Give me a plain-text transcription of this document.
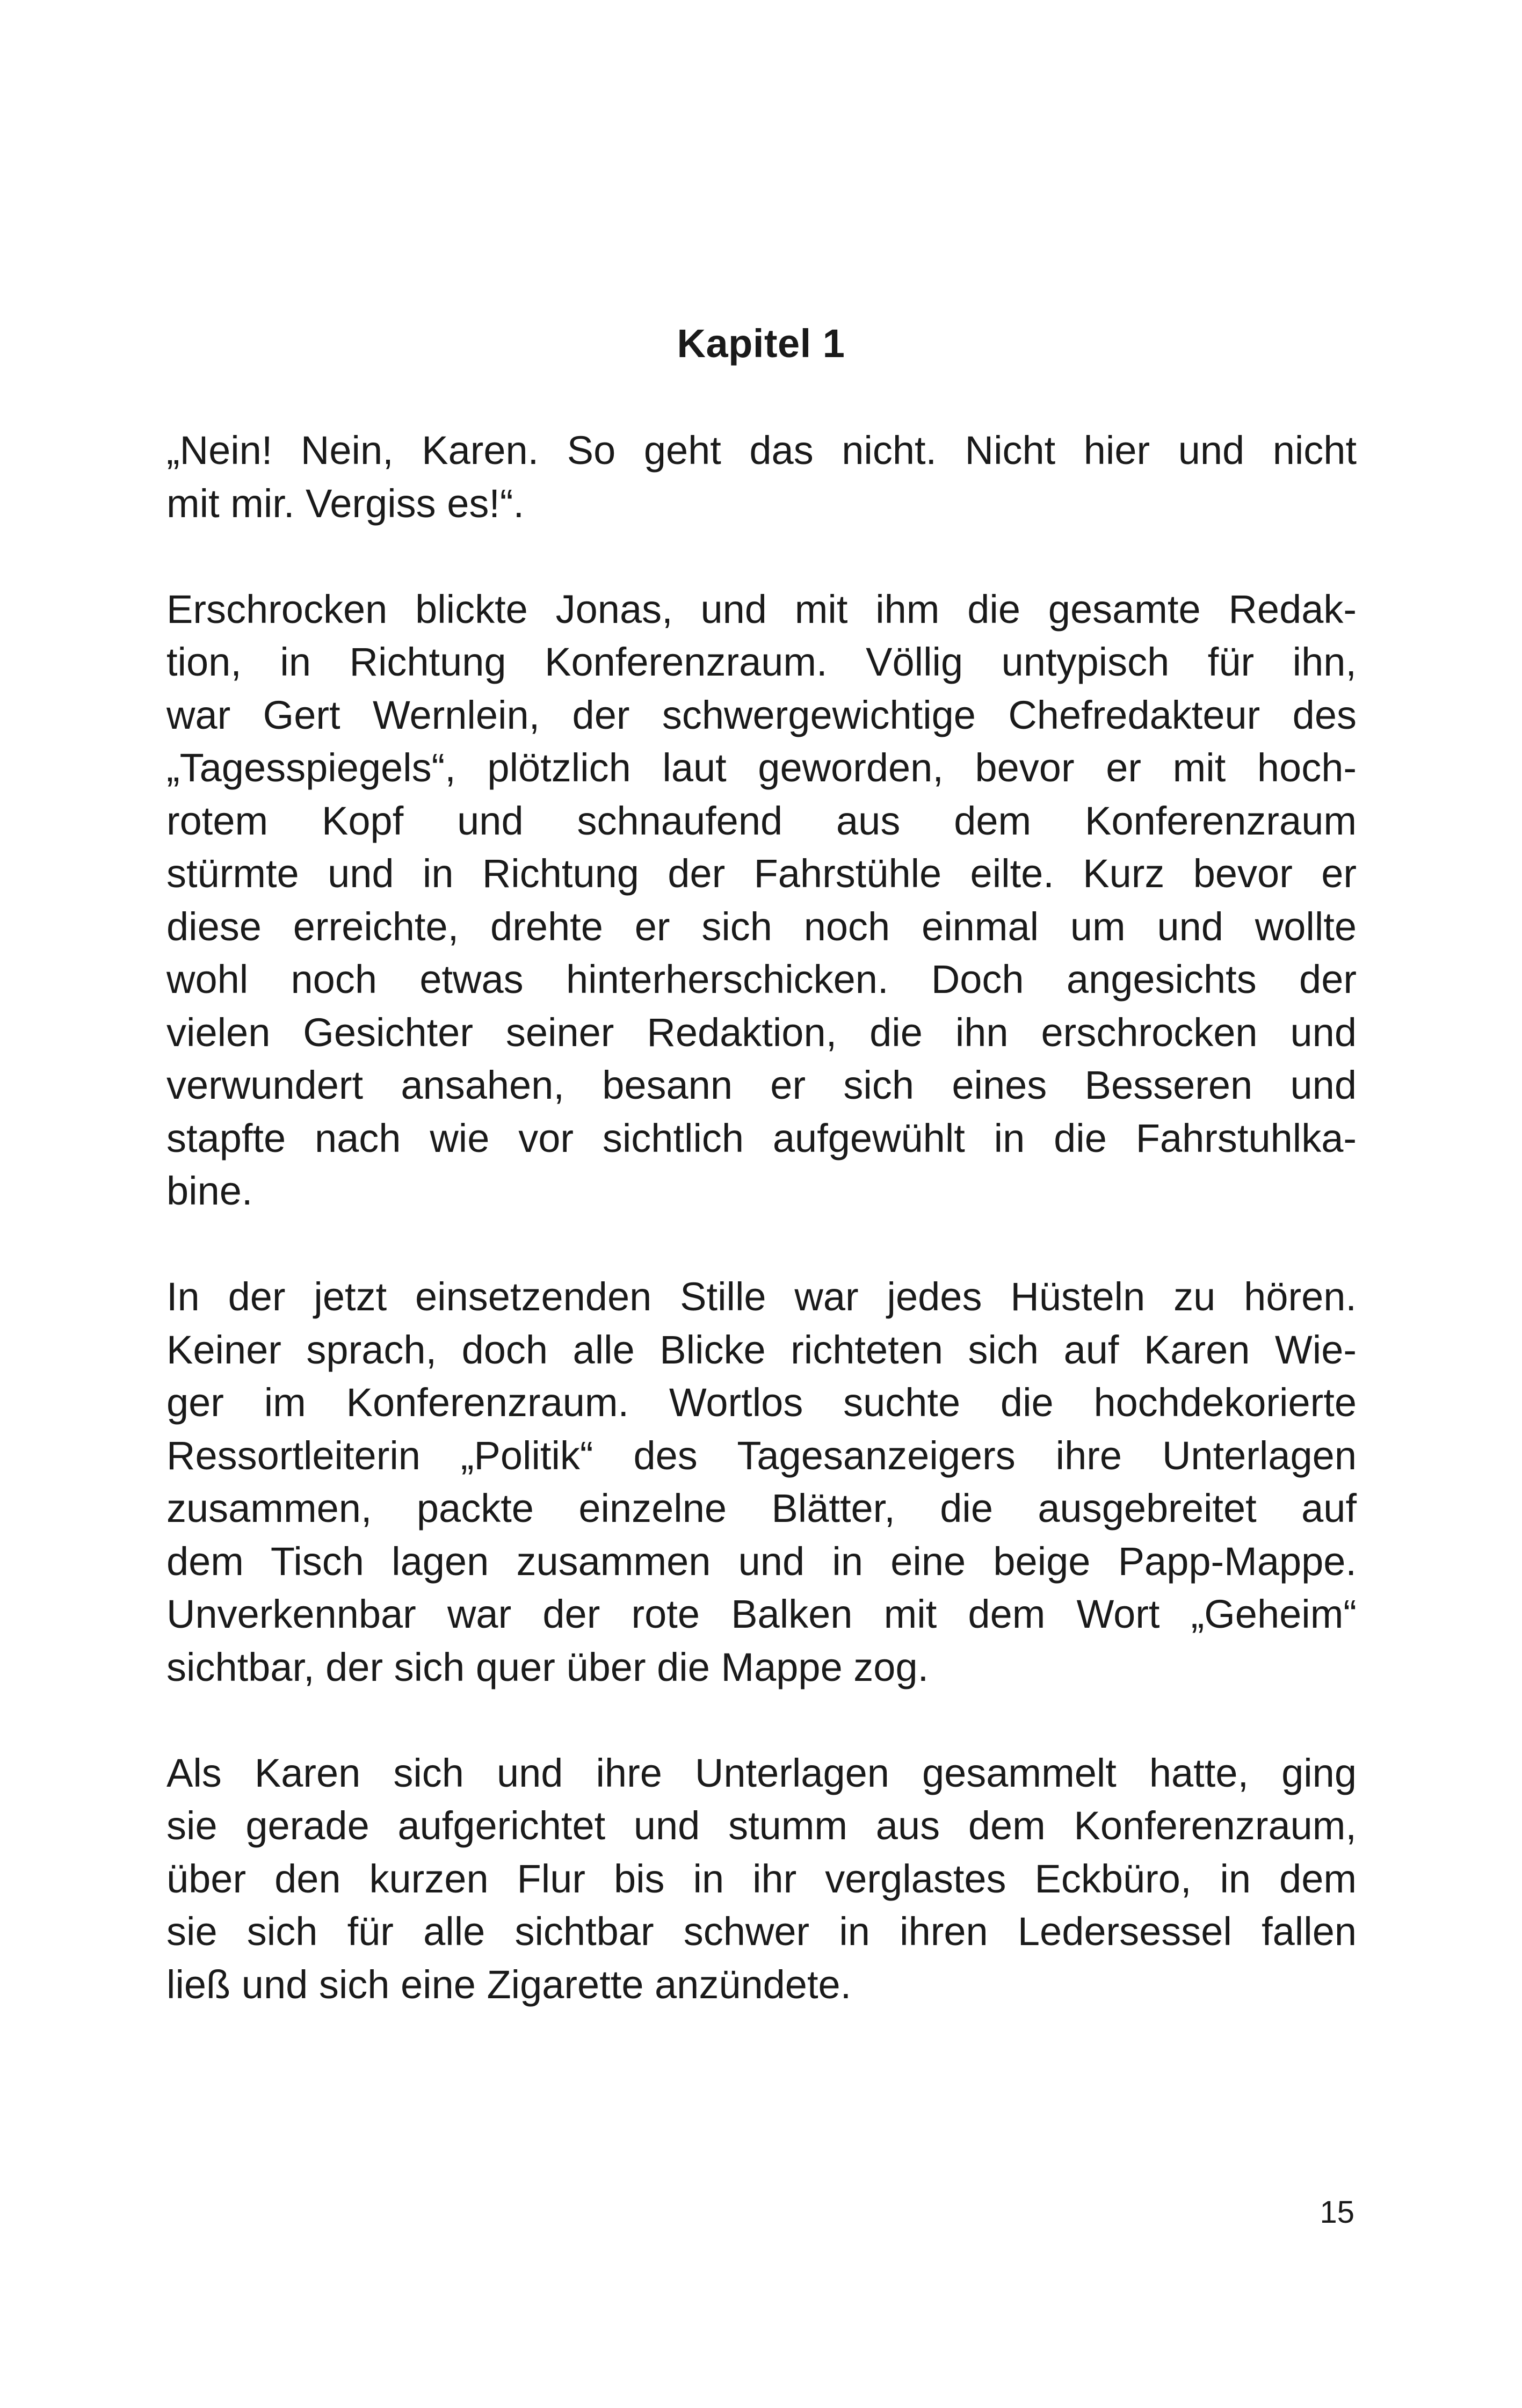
Kapitel 1

„Nein! Nein, Karen. So geht das nicht. Nicht hier und nicht
mit mir. Vergiss es!“.

Erschrocken blickte Jonas, und mit ihm die gesamte Redak-
tion, in Richtung Konferenzraum. Völlig untypisch für ihn,
war Gert Wernlein, der schwergewichtige Chefredakteur des
„Tagesspiegels“, plötzlich laut geworden, bevor er mit hoch-
rotem Kopf und schnaufend aus dem Konferenzraum
stürmte und in Richtung der Fahrstühle eilte. Kurz bevor er
diese erreichte, drehte er sich noch einmal um und wollte
wohl noch etwas hinterherschicken. Doch angesichts der
vielen Gesichter seiner Redaktion, die ihn erschrocken und
verwundert ansahen, besann er sich eines Besseren und
stapfte nach wie vor sichtlich aufgewühlt in die Fahrstuhlka-
bine.

In der jetzt einsetzenden Stille war jedes Hüsteln zu hören.
Keiner sprach, doch alle Blicke richteten sich auf Karen Wie-
ger im Konferenzraum. Wortlos suchte die hochdekorierte
Ressortleiterin „Politik“ des Tagesanzeigers ihre Unterlagen
zusammen, packte einzelne Blätter, die ausgebreitet auf
dem Tisch lagen zusammen und in eine beige Papp-Mappe.
Unverkennbar war der rote Balken mit dem Wort „Geheim“
sichtbar, der sich quer über die Mappe zog.

Als Karen sich und ihre Unterlagen gesammelt hatte, ging
sie gerade aufgerichtet und stumm aus dem Konferenzraum,
über den kurzen Flur bis in ihr verglastes Eckbüro, in dem
sie sich für alle sichtbar schwer in ihren Ledersessel fallen
ließ und sich eine Zigarette anzündete.

15
